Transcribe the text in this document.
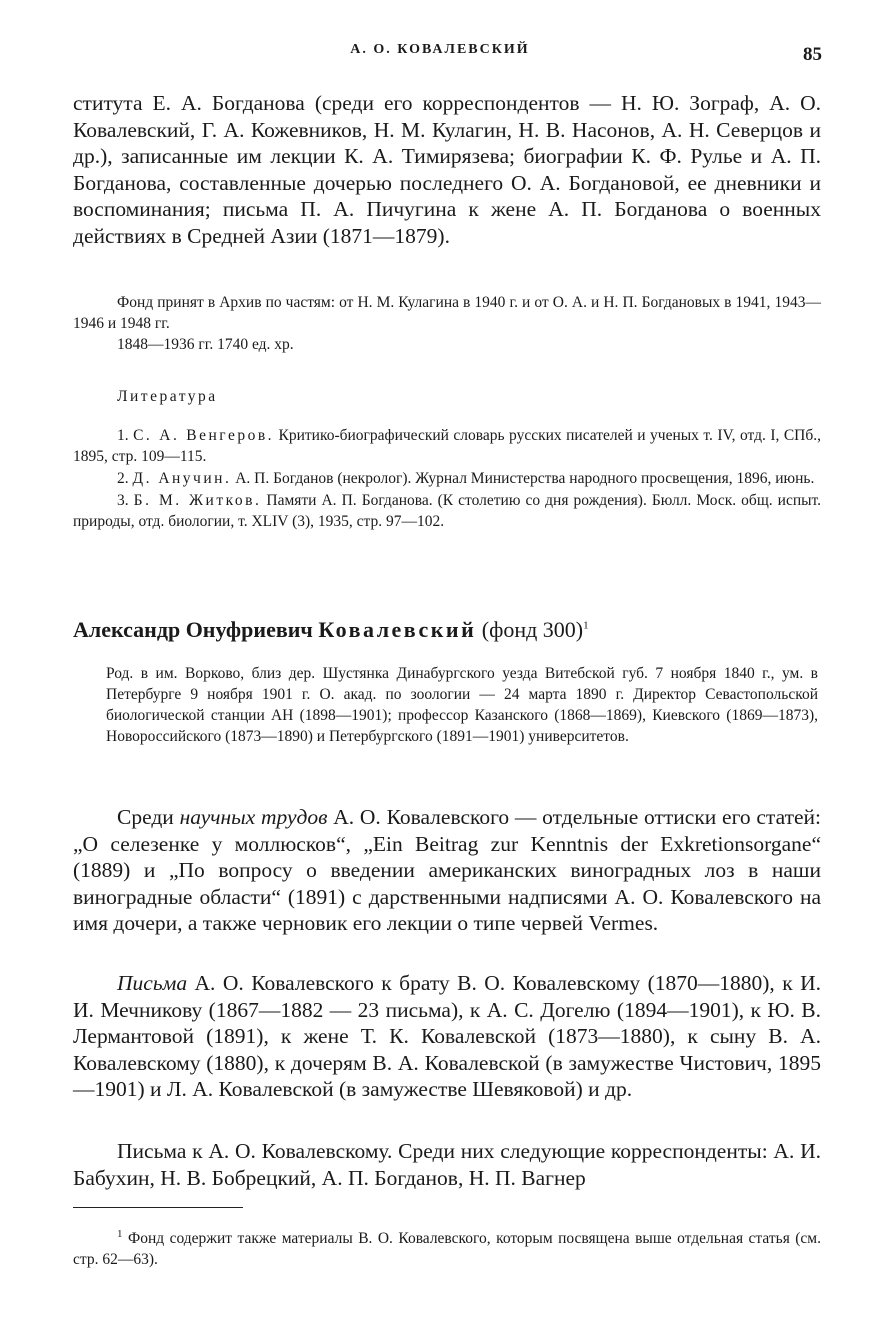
А. О. КОВАЛЕВСКИЙ	85

ститута Е. А. Богданова (среди его корреспондентов — Н. Ю. Зограф, А. О. Ковалевский, Г. А. Кожевников, Н. М. Кулагин, Н. В. Насонов, А. Н. Северцов и др.), записанные им лекции К. А. Тимирязева; биографии К. Ф. Рулье и А. П. Богданова, составленные дочерью последнего О. А. Богдановой, ее дневники и воспоминания; письма П. А. Пичугина к жене А. П. Богданова о военных действиях в Средней Азии (1871—1879).

Фонд принят в Архив по частям: от Н. М. Кулагина в 1940 г. и от О. А. и Н. П. Богдановых в 1941, 1943—1946 и 1948 гг.
1848—1936 гг. 1740 ед. хр.
Литература
1. С. А. Венгеров. Критико-биографический словарь русских писателей и ученых т. IV, отд. I, СПб., 1895, стр. 109—115.
2. Д. Анучин. А. П. Богданов (некролог). Журнал Министерства народного просвещения, 1896, июнь.
3. Б. М. Житков. Памяти А. П. Богданова. (К столетию со дня рождения). Бюлл. Моск. общ. испыт. природы, отд. биологии, т. XLIV (3), 1935, стр. 97—102.
Александр Онуфриевич Ковалевский (фонд 300)$^1$

Род. в им. Ворково, близ дер. Шустянка Динабургского уезда Витебской губ. 7 ноября 1840 г., ум. в Петербурге 9 ноября 1901 г. О. акад. по зоологии — 24 марта 1890 г. Директор Севастопольской биологической станции АН (1898—1901); профессор Казанского (1868—1869), Киевского (1869—1873), Новороссийского (1873—1890) и Петербургского (1891—1901) университетов.

Среди научных трудов А. О. Ковалевского — отдельные оттиски его статей: „О селезенке у моллюсков“, „Ein Beitrag zur Kenntnis der Exkretionsorgane“ (1889) и „По вопросу о введении американских виноградных лоз в наши виноградные области“ (1891) с дарственными надписями А. О. Ковалевского на имя дочери, а также черновик его лекции о типе червей Vermes.

Письма А. О. Ковалевского к брату В. О. Ковалевскому (1870—1880), к И. И. Мечникову (1867—1882 — 23 письма), к А. С. Догелю (1894—1901), к Ю. В. Лермантовой (1891), к жене Т. К. Ковалевской (1873—1880), к сыну В. А. Ковалевскому (1880), к дочерям В. А. Ковалевской (в замужестве Чистович, 1895—1901) и Л. А. Ковалевской (в замужестве Шевяковой) и др.

Письма к А. О. Ковалевскому. Среди них следующие корреспонденты: А. И. Бабухин, Н. В. Бобрецкий, А. П. Богданов, Н. П. Вагнер

$^1$ Фонд содержит также материалы В. О. Ковалевского, которым посвящена выше отдельная статья (см. стр. 62—63).
